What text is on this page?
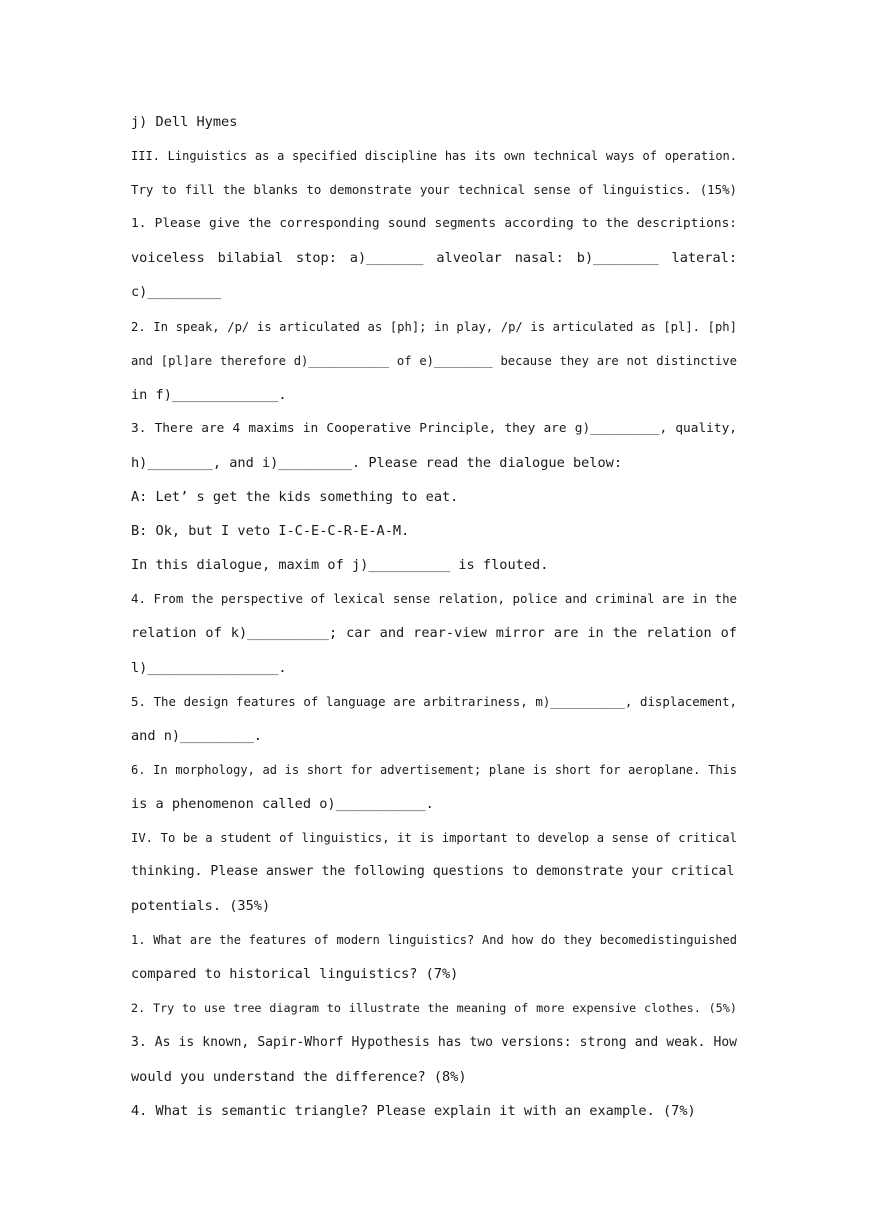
j) Dell Hymes
III. Linguistics as a specified discipline has its own technical ways of operation.
Try to fill the blanks to demonstrate your technical sense of linguistics. (15%)
1. Please give the corresponding sound segments according to the descriptions:
voiceless bilabial stop: a)_______ alveolar nasal: b)________ lateral:
c)_________
2. In speak, /p/ is articulated as [ph]; in play, /p/ is articulated as [pl]. [ph]
and [pl]are therefore d)___________ of e)________ because they are not distinctive
in f)_____________.
3. There are 4 maxims in Cooperative Principle, they are g)_________, quality,
h)________, and i)_________. Please read the dialogue below:
A: Let’ s get the kids something to eat.
B: Ok, but I veto I-C-E-C-R-E-A-M.
In this dialogue, maxim of j)__________ is flouted.
4. From the perspective of lexical sense relation, police and criminal are in the
relation of k)__________; car and rear-view mirror are in the relation of
l)________________.
5. The design features of language are arbitrariness, m)__________, displacement,
and n)_________.
6. In morphology, ad is short for advertisement; plane is short for aeroplane. This
is a phenomenon called o)___________.
IV. To be a student of linguistics, it is important to develop a sense of critical
thinking. Please answer the following questions to demonstrate your critical
potentials. (35%)
1. What are the features of modern linguistics? And how do they becomedistinguished
compared to historical linguistics? (7%)
2. Try to use tree diagram to illustrate the meaning of more expensive clothes. (5%)
3. As is known, Sapir-Whorf Hypothesis has two versions: strong and weak. How
would you understand the difference? (8%)
4. What is semantic triangle? Please explain it with an example. (7%)
